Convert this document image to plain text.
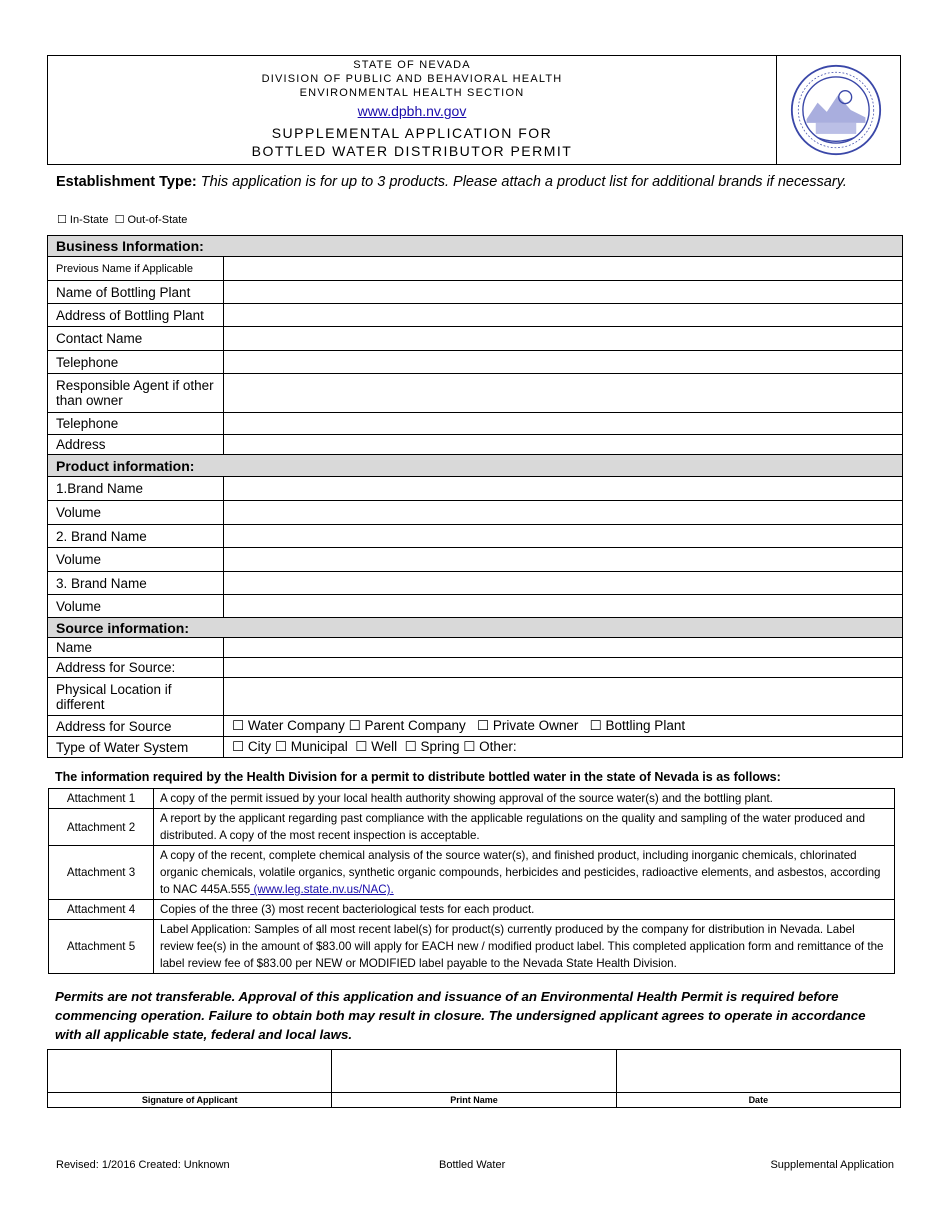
STATE OF NEVADA
DIVISION OF PUBLIC AND BEHAVIORAL HEALTH
ENVIRONMENTAL HEALTH SECTION
www.dpbh.nv.gov
SUPPLEMENTAL APPLICATION FOR
BOTTLED WATER DISTRIBUTOR PERMIT
Establishment Type: This application is for up to 3 products. Please attach a product list for additional brands if necessary.
☐ In-State ☐ Out-of-State
Business Information:	
Previous Name if Applicable	
Name of Bottling Plant	
Address of Bottling Plant	
Contact Name	
Telephone	
Responsible Agent if other than owner	
Telephone	
Address	
Product information:	
1.Brand Name	
Volume	
2. Brand Name	
Volume	
3. Brand Name	
Volume	
Source information:	
Name	
Address for Source:	
Physical Location if different	
Address for Source	☐ Water Company ☐ Parent Company   ☐ Private Owner   ☐ Bottling Plant
Type of Water System	☐ City ☐ Municipal  ☐ Well  ☐ Spring ☐ Other:
The information required by the Health Division for a permit to distribute bottled water in the state of Nevada is as follows:
Attachment 1	A copy of the permit issued by your local health authority showing approval of the source water(s) and the bottling plant.
Attachment 2	A report by the applicant regarding past compliance with the applicable regulations on the quality and sampling of the water produced and distributed. A copy of the most recent inspection is acceptable.
Attachment 3	A copy of the recent, complete chemical analysis of the source water(s), and finished product, including inorganic chemicals, chlorinated organic chemicals, volatile organics, synthetic organic compounds, herbicides and pesticides, radioactive elements, and asbestos, according to NAC 445A.555 (www.leg.state.nv.us/NAC).
Attachment 4	Copies of the three (3) most recent bacteriological tests for each product.
Attachment 5	Label Application: Samples of all most recent label(s) for product(s) currently produced by the company for distribution in Nevada. Label review fee(s) in the amount of $83.00 will apply for EACH new / modified product label. This completed application form and remittance of the label review fee of $83.00 per NEW or MODIFIED label payable to the Nevada State Health Division.
Permits are not transferable. Approval of this application and issuance of an Environmental Health Permit is required before commencing operation. Failure to obtain both may result in closure. The undersigned applicant agrees to operate in accordance with all applicable state, federal and local laws.

Signature of Applicant	Print Name	Date
Revised: 1/2016 Created: Unknown	Bottled Water	Supplemental Application
